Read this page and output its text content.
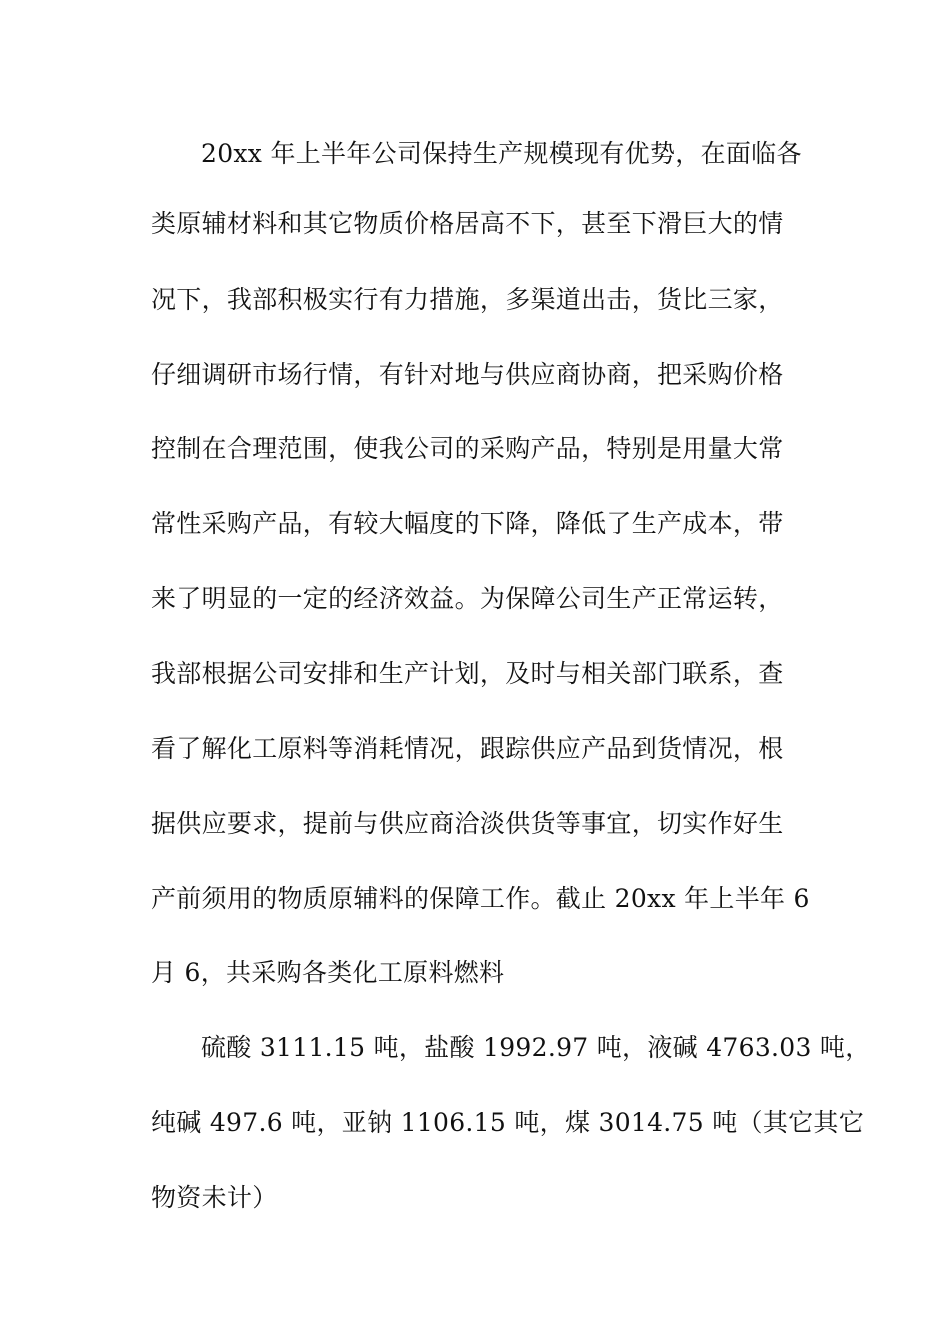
20xx 年上半年公司保持生产规模现有优势，在面临各
类原辅材料和其它物质价格居高不下，甚至下滑巨大的情
况下，我部积极实行有力措施，多渠道出击，货比三家，
仔细调研市场行情，有针对地与供应商协商，把采购价格
控制在合理范围，使我公司的采购产品，特别是用量大常
常性采购产品，有较大幅度的下降，降低了生产成本，带
来了明显的一定的经济效益。为保障公司生产正常运转，
我部根据公司安排和生产计划，及时与相关部门联系，查
看了解化工原料等消耗情况，跟踪供应产品到货情况，根
据供应要求，提前与供应商洽淡供货等事宜，切实作好生
产前须用的物质原辅料的保障工作。截止 20xx 年上半年 6
月 6，共采购各类化工原料燃料
硫酸 3111.15 吨，盐酸 1992.97 吨，液碱 4763.03 吨，
纯碱 497.6 吨，亚钠 1106.15 吨，煤 3014.75 吨（其它其它
物资未计）
